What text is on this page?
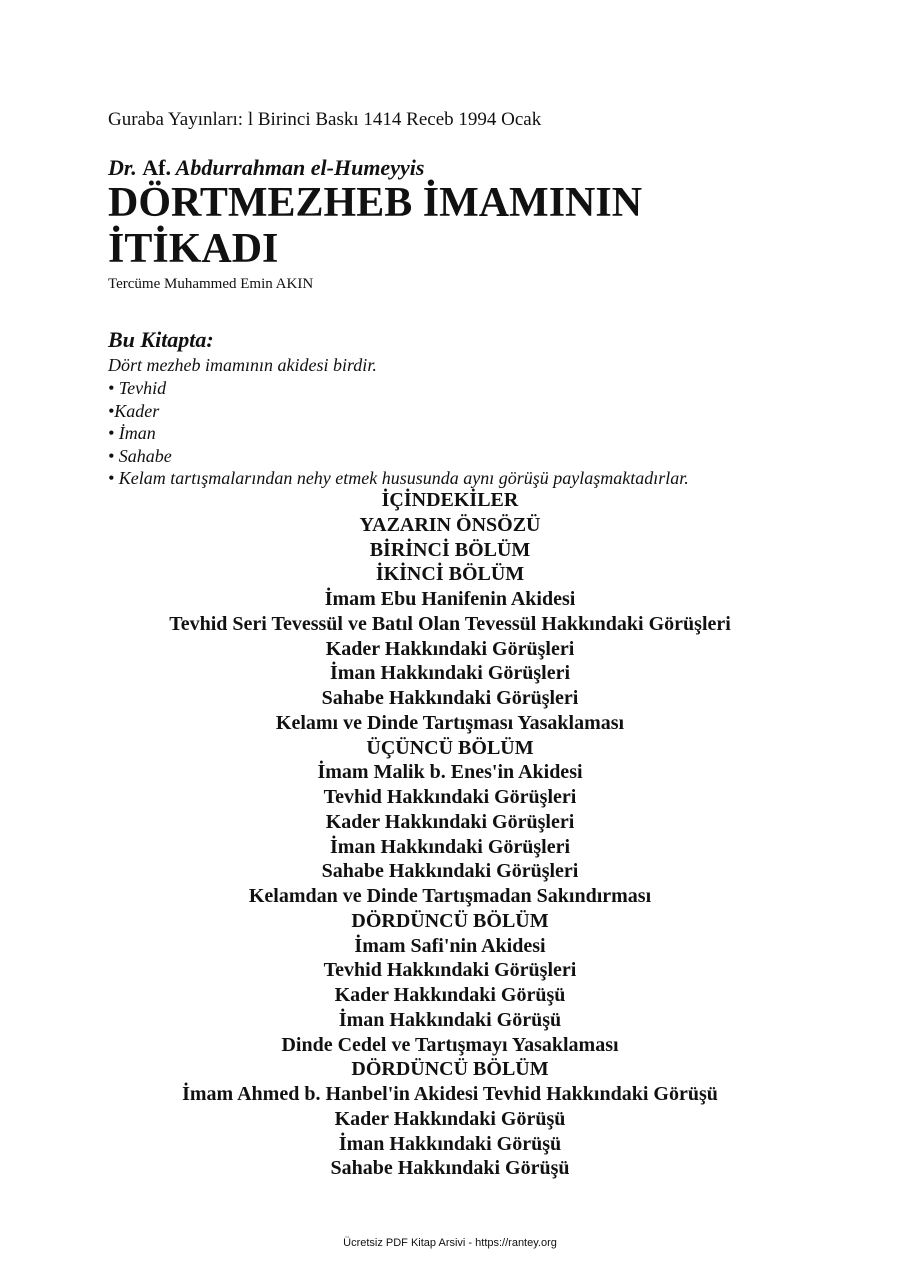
Guraba Yayınları: l Birinci Baskı 1414 Receb 1994 Ocak
Dr. Af. Abdurrahman el-Humeyyis
DÖRTMEZHEB İMAMININ
İTİKADI
Tercüme Muhammed Emin AKIN
Bu Kitapta:
Dört mezheb imamının akidesi birdir.
• Tevhid
•Kader
• İman
• Sahabe
• Kelam tartışmalarından nehy etmek hususunda aynı görüşü paylaşmaktadırlar.
İÇİNDEKİLER
YAZARIN ÖNSÖZÜ
BİRİNCİ BÖLÜM
İKİNCİ BÖLÜM
İmam Ebu Hanifenin Akidesi
Tevhid Seri Tevessül ve Batıl Olan Tevessül Hakkındaki Görüşleri
Kader Hakkındaki Görüşleri
İman Hakkındaki Görüşleri
Sahabe Hakkındaki Görüşleri
Kelamı ve Dinde Tartışması Yasaklaması
ÜÇÜNCÜ BÖLÜM
İmam Malik b. Enes'in Akidesi
Tevhid Hakkındaki Görüşleri
Kader Hakkındaki Görüşleri
İman Hakkındaki Görüşleri
Sahabe Hakkındaki Görüşleri
Kelamdan ve Dinde Tartışmadan Sakındırması
DÖRDÜNCÜ BÖLÜM
İmam Safi'nin Akidesi
Tevhid Hakkındaki Görüşleri
Kader Hakkındaki Görüşü
İman Hakkındaki Görüşü
Dinde Cedel ve Tartışmayı Yasaklaması
DÖRDÜNCÜ BÖLÜM
İmam Ahmed b. Hanbel'in Akidesi Tevhid Hakkındaki Görüşü
Kader Hakkındaki Görüşü
İman Hakkındaki Görüşü
Sahabe Hakkındaki Görüşü
Ücretsiz PDF Kitap Arsivi - https://rantey.org
